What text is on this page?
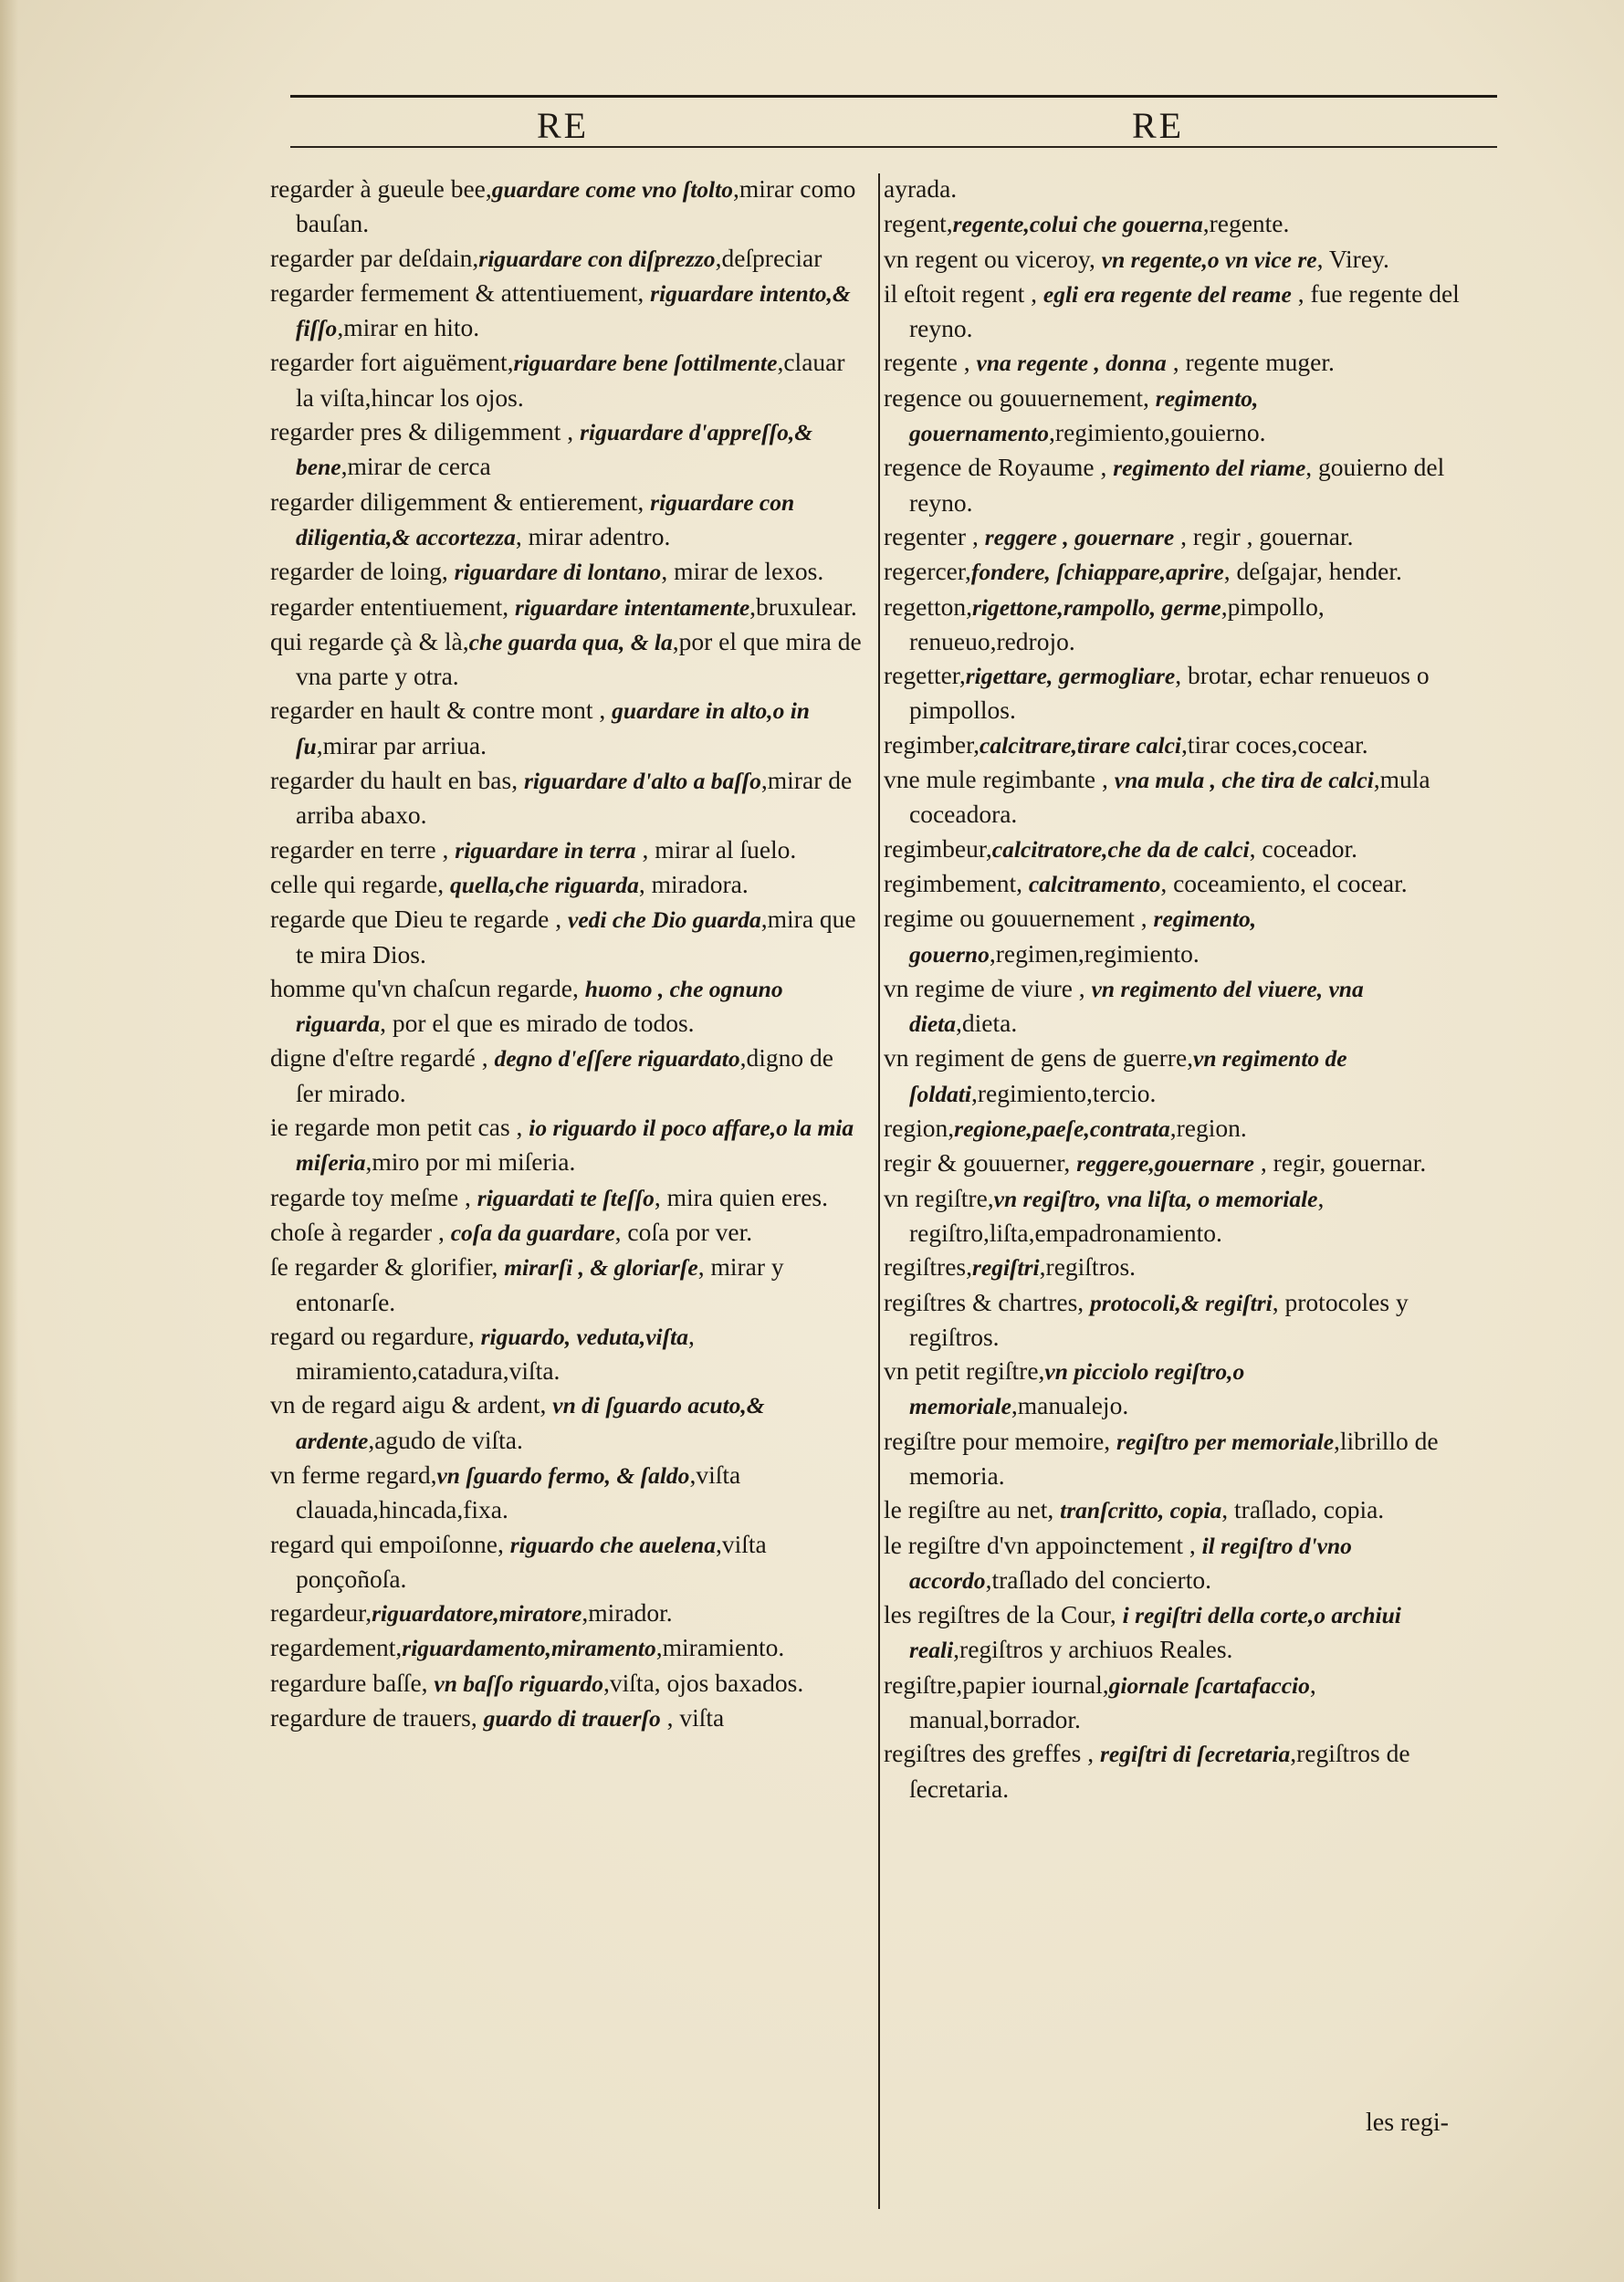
RE	RE

regarder à gueule bee,guardare come vno ſtolto,mirar como bauſan.

regarder par deſdain,riguardare con diſprezzo,deſpreciar

regarder fermement & attentiuement, riguardare intento,& fiſſo,mirar en hito.

regarder fort aiguëment,riguardare bene ſottilmente,clauar la viſta,hincar los ojos.

regarder pres & diligemment , riguardare d'appreſſo,& bene,mirar de cerca

regarder diligemment & entierement, riguardare con diligentia,& accortezza, mirar adentro.

regarder de loing, riguardare di lontano, mirar de lexos.

regarder ententiuement, riguardare intentamente,bruxulear.

qui regarde çà & là,che guarda qua, & la,por el que mira de vna parte y otra.

regarder en hault & contre mont , guardare in alto,o in ſu,mirar par arriua.

regarder du hault en bas, riguardare d'alto a baſſo,mirar de arriba abaxo.

regarder en terre , riguardare in terra , mirar al ſuelo.

celle qui regarde, quella,che riguarda, miradora.

regarde que Dieu te regarde , vedi che Dio guarda,mira que te mira Dios.

homme qu'vn chaſcun regarde, huomo , che ognuno riguarda, por el que es mirado de todos.

digne d'eſtre regardé , degno d'eſſere riguardato,digno de ſer mirado.

ie regarde mon petit cas , io riguardo il poco affare,o la mia miſeria,miro por mi miſeria.

regarde toy meſme , riguardati te ſteſſo, mira quien eres.

choſe à regarder , coſa da guardare, coſa por ver.

ſe regarder & glorifier, mirarſi , & gloriarſe, mirar y entonarſe.

regard ou regardure, riguardo, veduta,viſta, miramiento,catadura,viſta.

vn de regard aigu & ardent, vn di ſguardo acuto,& ardente,agudo de viſta.

vn ferme regard,vn ſguardo fermo, & ſaldo,viſta clauada,hincada,fixa.

regard qui empoiſonne, riguardo che auelena,viſta ponçoñoſa.

regardeur,riguardatore,miratore,mirador.

regardement,riguardamento,miramento,miramiento.

regardure baſſe, vn baſſo riguardo,viſta, ojos baxados.

regardure de trauers, guardo di trauerſo , viſta

ayrada.

regent,regente,colui che gouerna,regente.

vn regent ou viceroy, vn regente,o vn vice re, Virey.

il eſtoit regent , egli era regente del reame , fue regente del reyno.

regente , vna regente , donna , regente muger.

regence ou gouuernement, regimento, gouernamento,regimiento,gouierno.

regence de Royaume , regimento del riame, gouierno del reyno.

regenter , reggere , gouernare , regir , gouernar.

regercer,fondere, ſchiappare,aprire, deſgajar, hender.

regetton,rigettone,rampollo, germe,pimpollo, renueuo,redrojo.

regetter,rigettare, germogliare, brotar, echar renueuos o pimpollos.

regimber,calcitrare,tirare calci,tirar coces,cocear.

vne mule regimbante , vna mula , che tira de calci,mula coceadora.

regimbeur,calcitratore,che da de calci, coceador.

regimbement, calcitramento, coceamiento, el cocear.

regime ou gouuernement , regimento, gouerno,regimen,regimiento.

vn regime de viure , vn regimento del viuere, vna dieta,dieta.

vn regiment de gens de guerre,vn regimento de ſoldati,regimiento,tercio.

region,regione,paeſe,contrata,region.

regir & gouuerner, reggere,gouernare , regir, gouernar.

vn regiſtre,vn regiſtro, vna liſta, o memoriale, regiſtro,liſta,empadronamiento.

regiſtres,regiſtri,regiſtros.

regiſtres & chartres, protocoli,& regiſtri, protocoles y regiſtros.

vn petit regiſtre,vn picciolo regiſtro,o memoriale,manualejo.

regiſtre pour memoire, regiſtro per memoriale,librillo de memoria.

le regiſtre au net, tranſcritto, copia, traſlado, copia.

le regiſtre d'vn appoinctement , il regiſtro d'vno accordo,traſlado del concierto.

les regiſtres de la Cour, i regiſtri della corte,o archiui reali,regiſtros y archiuos Reales.

regiſtre,papier iournal,giornale ſcartafaccio, manual,borrador.

regiſtres des greffes , regiſtri di ſecretaria,regiſtros de ſecretaria.

les regi-
